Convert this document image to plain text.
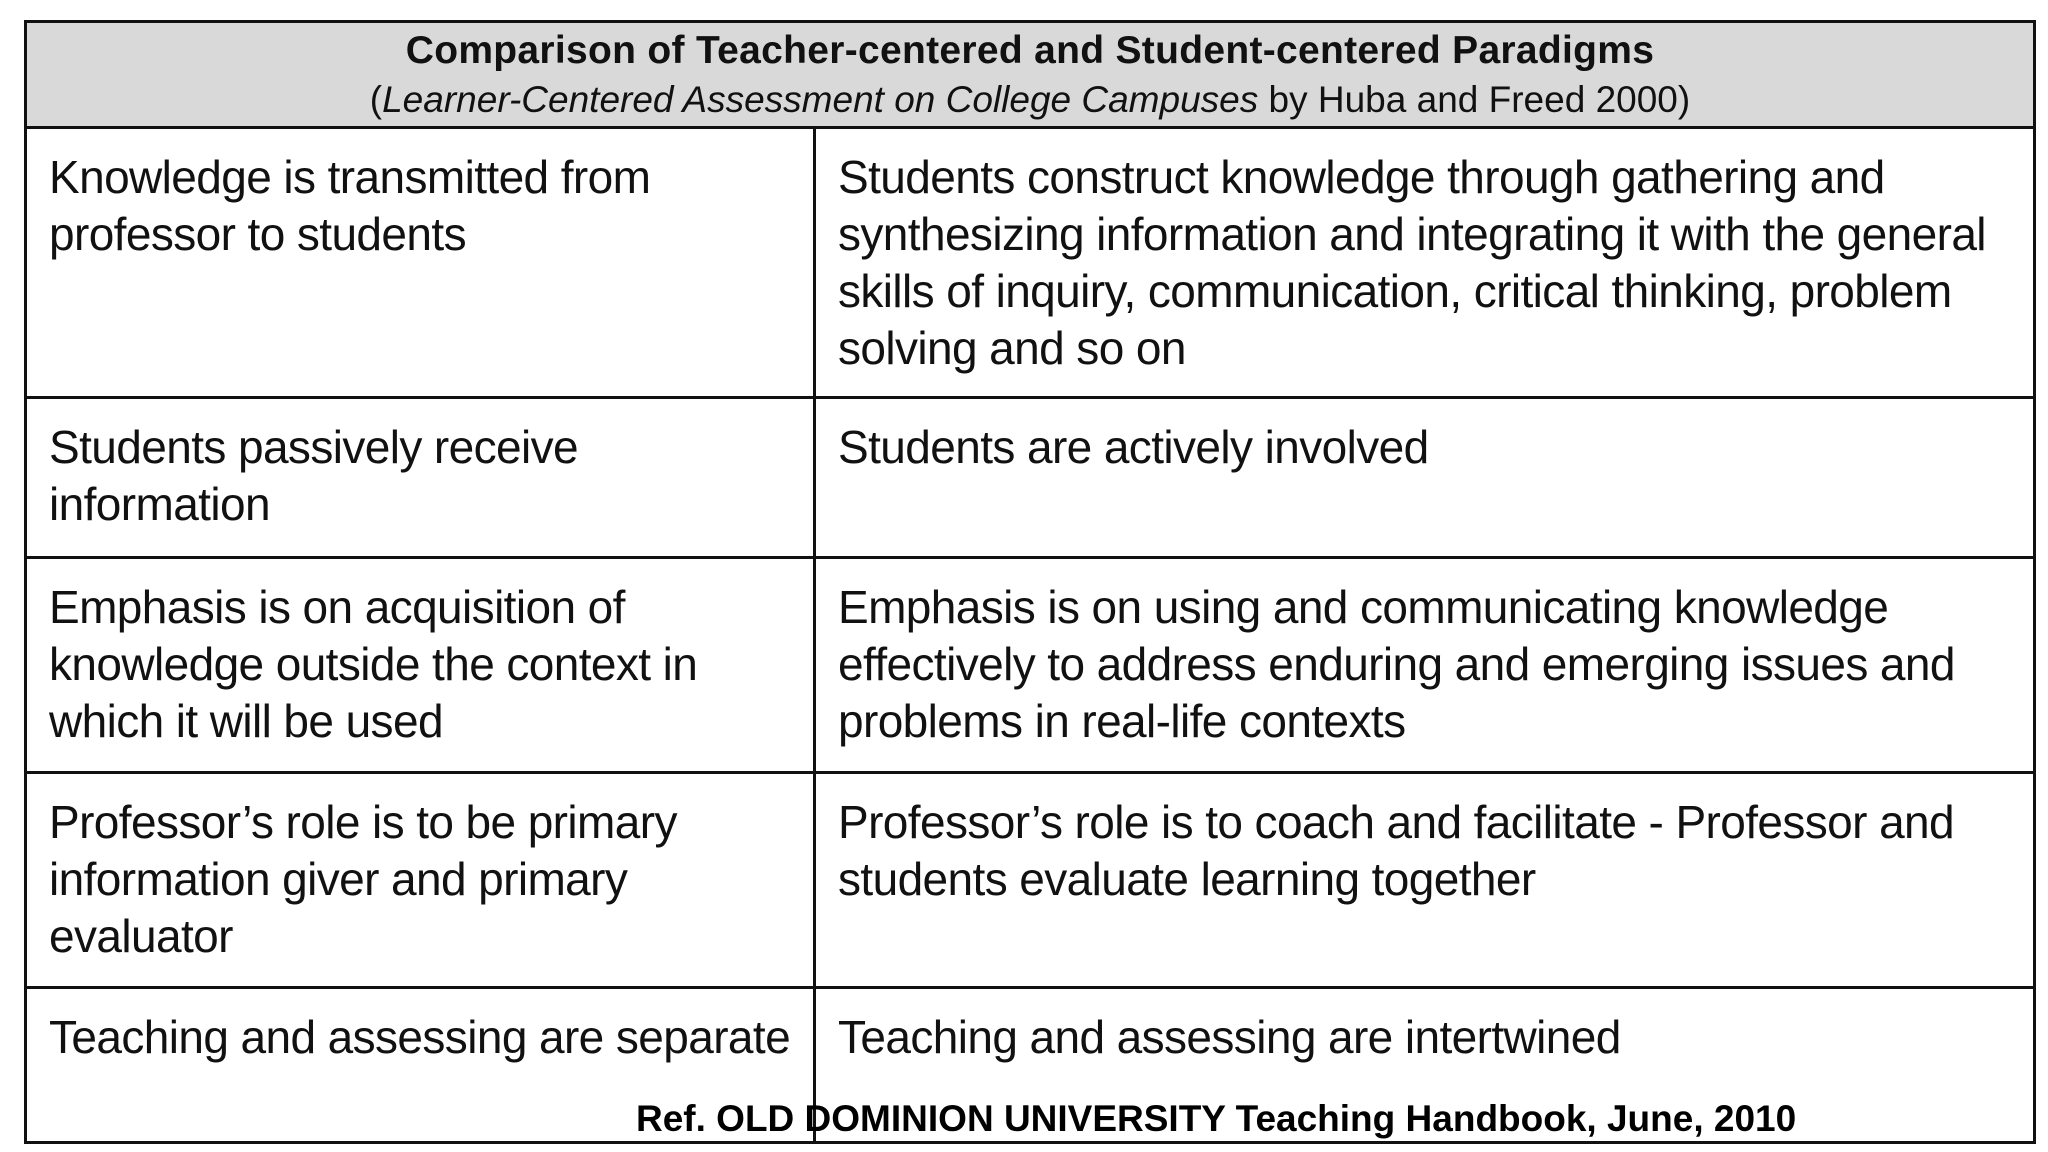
Comparison of Teacher-centered and Student-centered Paradigms
(Learner-Centered Assessment on College Campuses by Huba and Freed 2000)
Knowledge is transmitted from professor to students
Students construct knowledge through gathering and synthesizing information and integrating it with the general skills of inquiry, communication, critical thinking, problem solving and so on
Students passively receive information
Students are actively involved
Emphasis is on acquisition of knowledge outside the context in which it will be used
Emphasis is on using and communicating knowledge effectively to address enduring and emerging issues and problems in real-life contexts
Professor’s role is to be primary information giver and primary evaluator
Professor’s role is to coach and facilitate - Professor and students evaluate learning together
Teaching and assessing are separate	Teaching and assessing are intertwined
Ref. OLD DOMINION UNIVERSITY Teaching Handbook, June, 2010
